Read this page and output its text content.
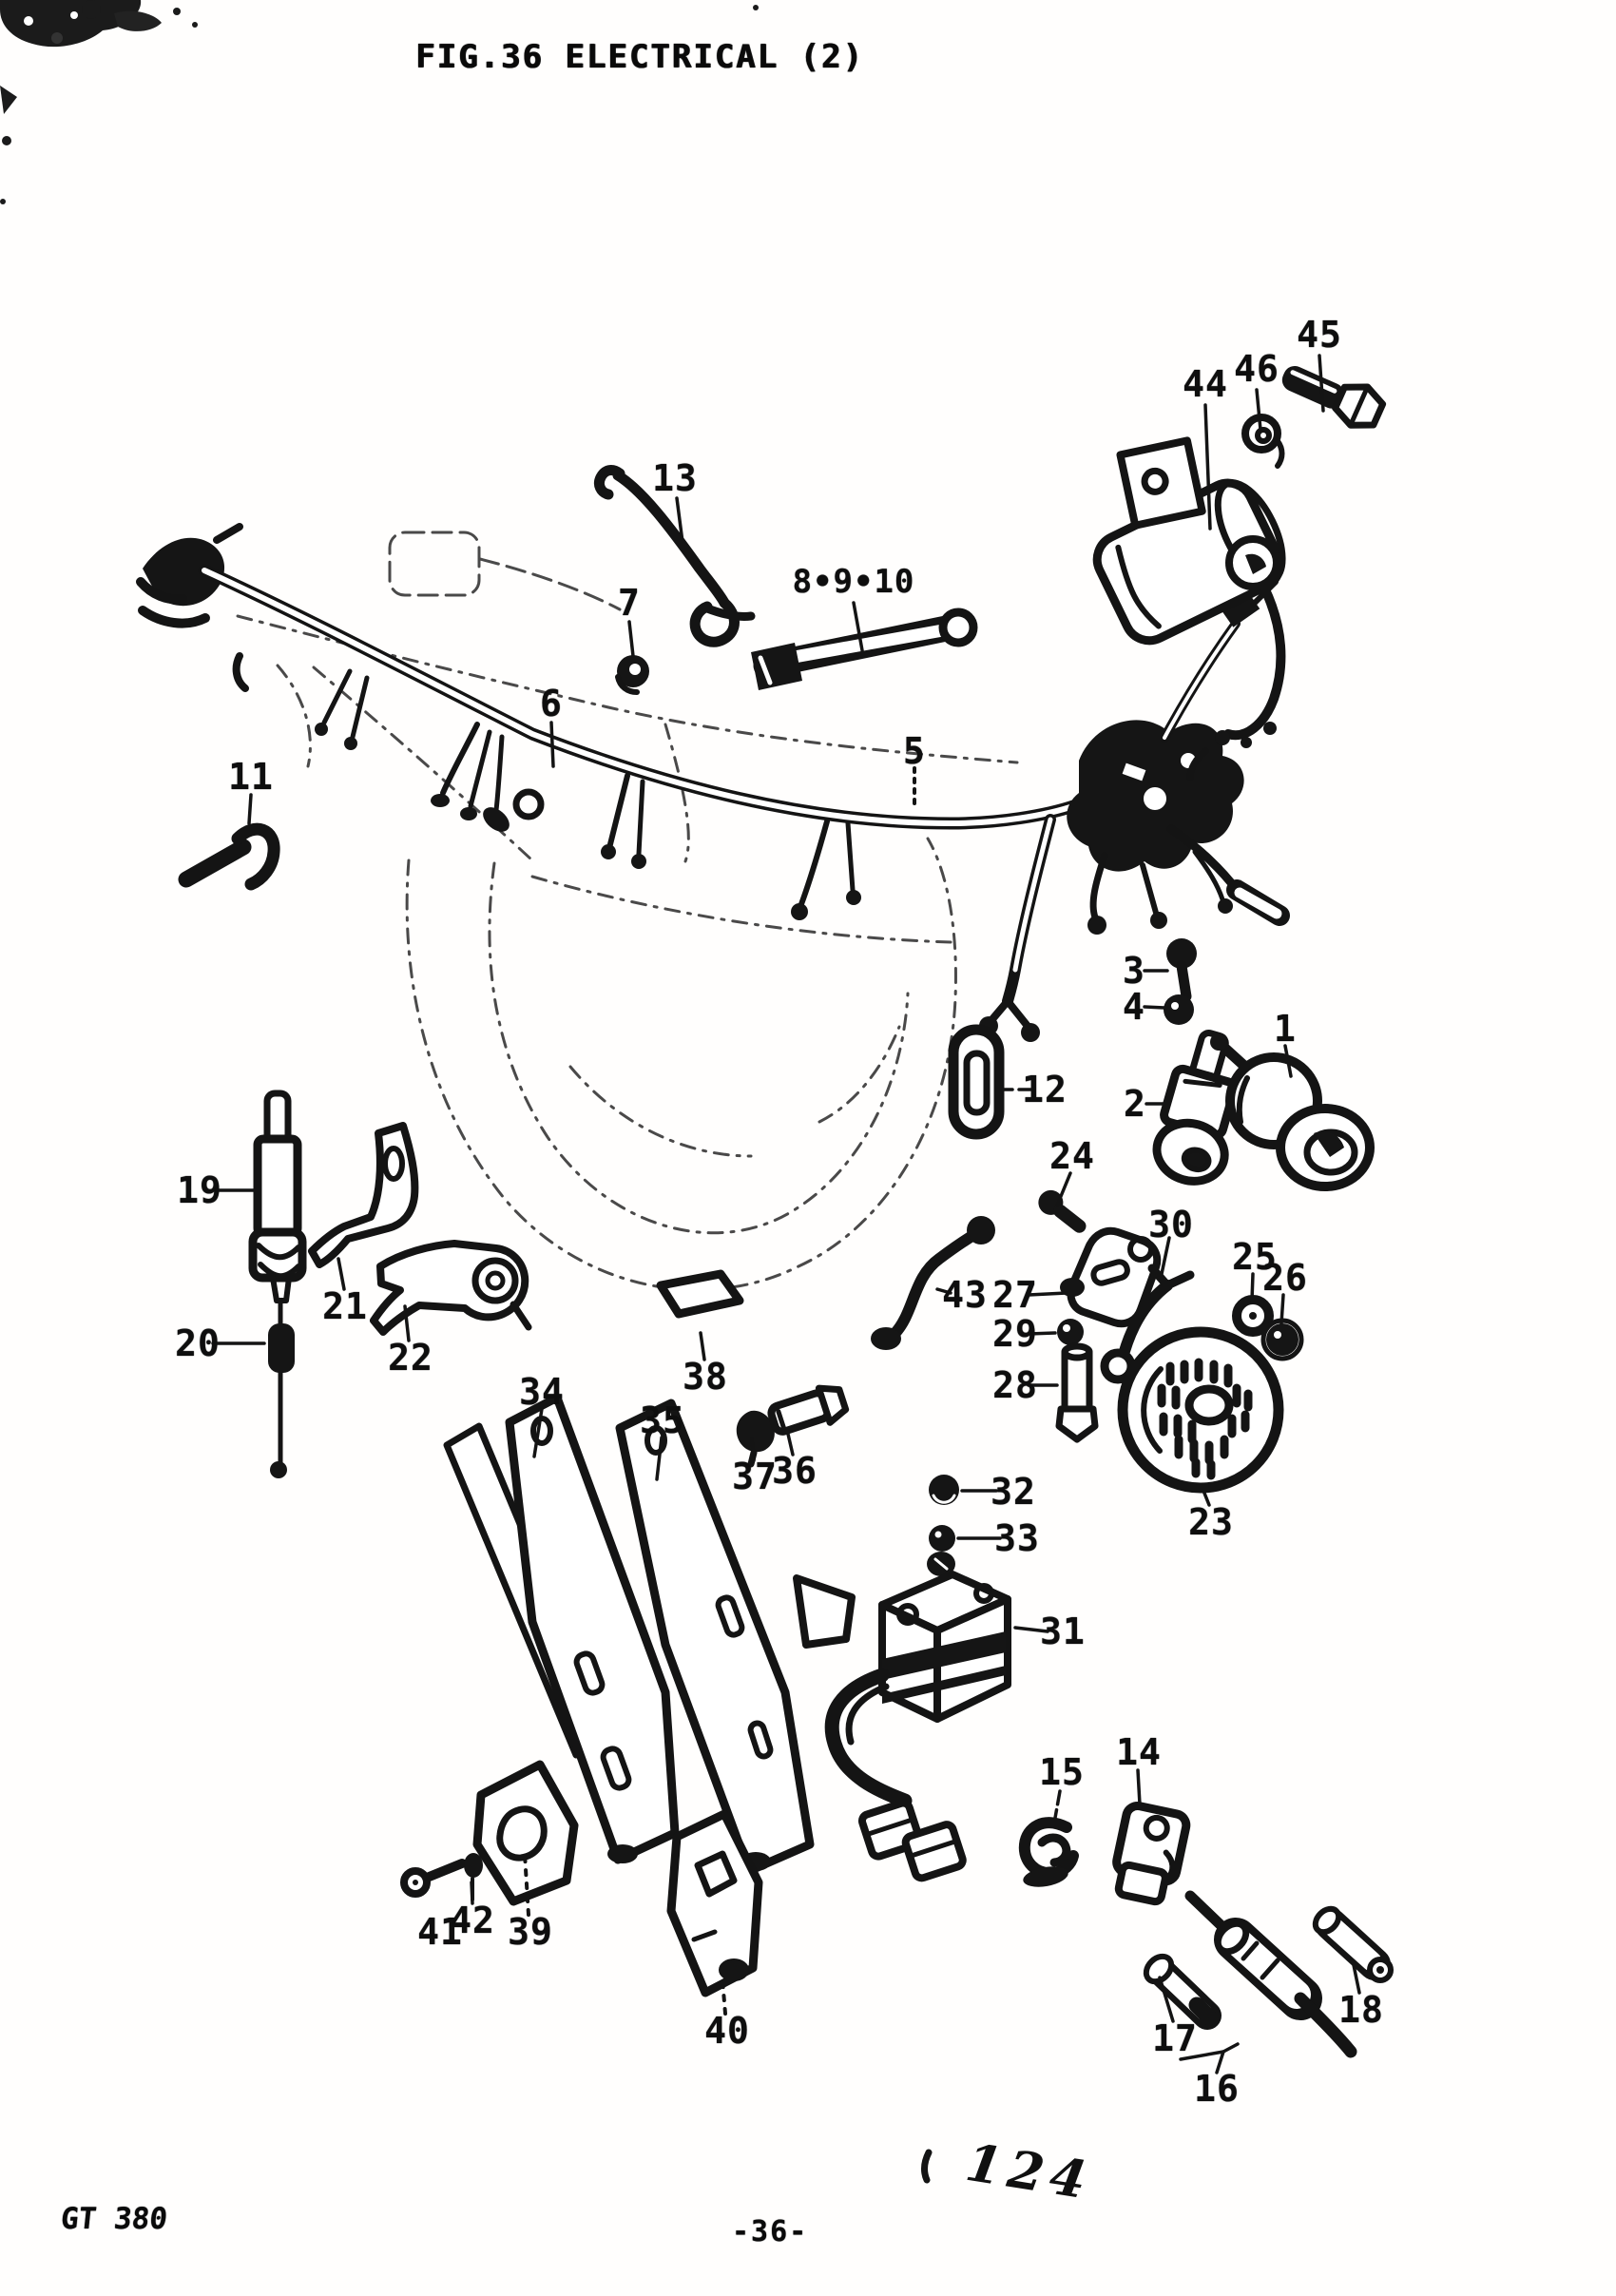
FIG.36 ELECTRICAL (2)
45
46
44
13
7	8•9•10
6
5
11
3
4
12 2
1
19
24
30
25
26
21
22
43 27
29
28
20
38
34
35
37
36	32
33	23
31
15 14
41
42 39
40	17
16
18
GT 380	-36-
124
